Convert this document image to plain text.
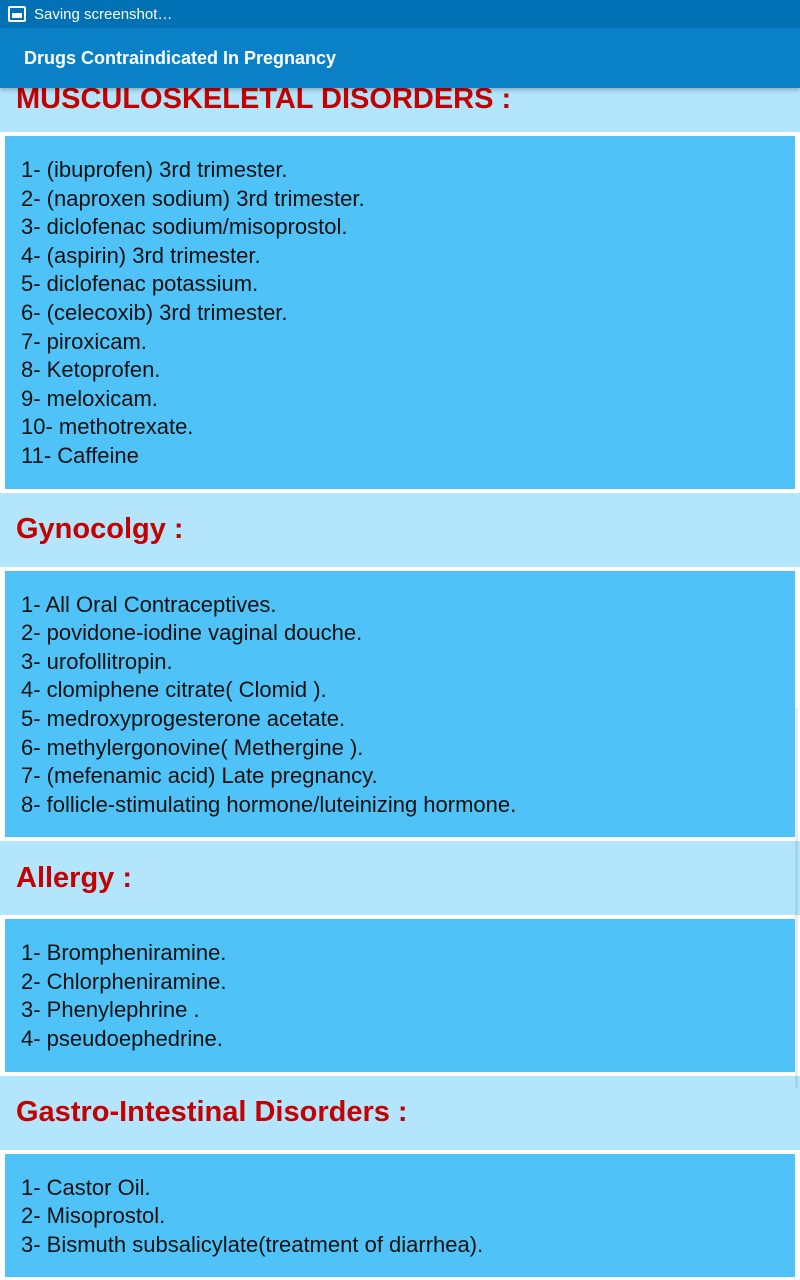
Saving screenshot…
Drugs Contraindicated In Pregnancy
MUSCULOSKELETAL DISORDERS :
1- (ibuprofen) 3rd trimester.
2- (naproxen sodium) 3rd trimester.
3- diclofenac sodium/misoprostol.
4- (aspirin) 3rd trimester.
5- diclofenac potassium.
6- (celecoxib) 3rd trimester.
7- piroxicam.
8- Ketoprofen.
9- meloxicam.
10- methotrexate.
11- Caffeine
Gynocolgy :
1- All Oral Contraceptives.
2- povidone-iodine vaginal douche.
3- urofollitropin.
4- clomiphene citrate( Clomid ).
5- medroxyprogesterone acetate.
6- methylergonovine( Methergine ).
7- (mefenamic acid) Late pregnancy.
8- follicle-stimulating hormone/luteinizing hormone.
Allergy :
1- Brompheniramine.
2- Chlorpheniramine.
3- Phenylephrine .
4- pseudoephedrine.
Gastro-Intestinal Disorders :
1- Castor Oil.
2- Misoprostol.
3- Bismuth subsalicylate(treatment of diarrhea).
